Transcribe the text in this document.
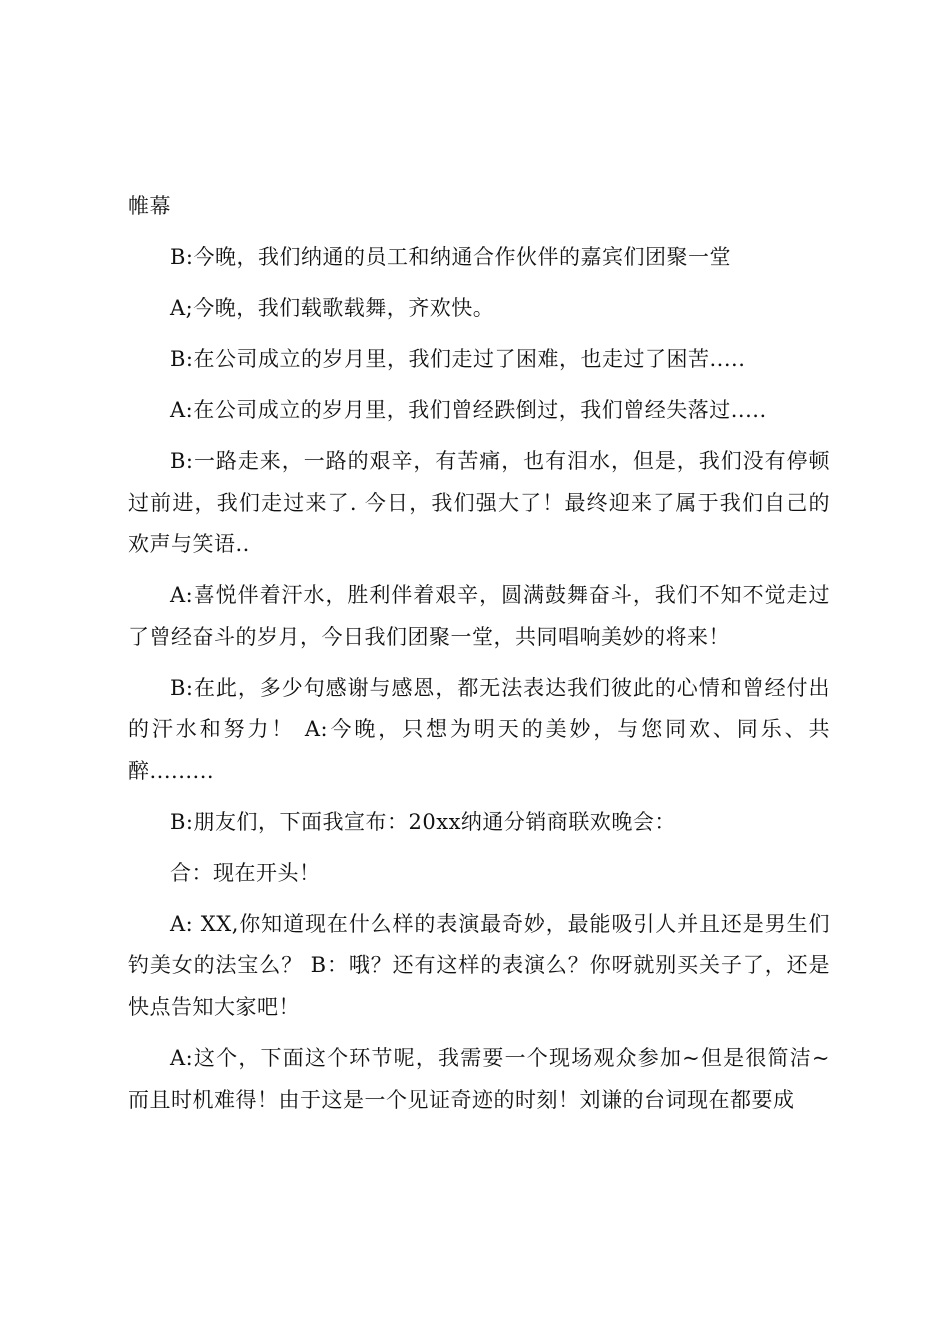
帷幕

B:今晚，我们纳通的员工和纳通合作伙伴的嘉宾们团聚一堂

A;今晚，我们载歌载舞，齐欢快。

B:在公司成立的岁月里，我们走过了困难，也走过了困苦.....

A:在公司成立的岁月里，我们曾经跌倒过，我们曾经失落过.....

B:一路走来，一路的艰辛，有苦痛，也有泪水，但是，我们没有停顿过前进，我们走过来了. 今日，我们强大了！最终迎来了属于我们自己的欢声与笑语..

A:喜悦伴着汗水，胜利伴着艰辛，圆满鼓舞奋斗，我们不知不觉走过了曾经奋斗的岁月，今日我们团聚一堂，共同唱响美妙的将来！

B:在此，多少句感谢与感恩，都无法表达我们彼此的心情和曾经付出的汗水和努力！ A:今晚，只想为明天的美妙，与您同欢、同乐、共醉.........

B:朋友们，下面我宣布：20xx纳通分销商联欢晚会：

合：现在开头！

A: XX,你知道现在什么样的表演最奇妙，最能吸引人并且还是男生们钓美女的法宝么？ B：哦？还有这样的表演么？你呀就别买关子了，还是快点告知大家吧！

A:这个，下面这个环节呢，我需要一个现场观众参加~但是很简洁~而且时机难得！由于这是一个见证奇迹的时刻！刘谦的台词现在都要成
